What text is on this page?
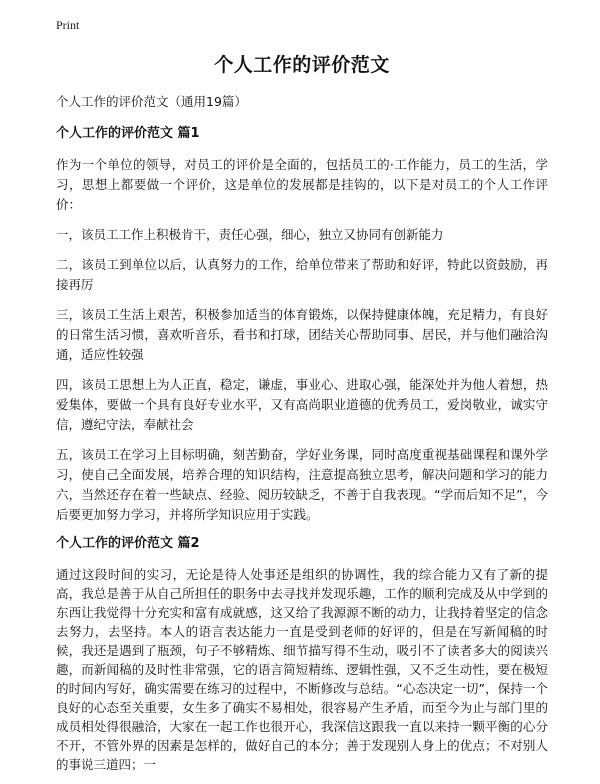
Print
个人工作的评价范文
个人工作的评价范文（通用19篇）
个人工作的评价范文 篇1

作为一个单位的领导，对员工的评价是全面的，包括员工的·工作能力，员工的生活，学习，思想上都要做一个评价，这是单位的发展都是挂钩的，以下是对员工的个人工作评价：

一，该员工工作上积极肯干，责任心强，细心，独立又协同有创新能力

二，该员工到单位以后，认真努力的工作，给单位带来了帮助和好评，特此以资鼓励，再接再厉

三，该员工生活上艰苦，积极参加适当的体育锻炼，以保持健康体魄，充足精力，有良好的日常生活习惯，喜欢听音乐，看书和打球，团结关心帮助同事、居民，并与他们融洽沟通，适应性较强

四，该员工思想上为人正直，稳定，谦虚，事业心、进取心强，能深处并为他人着想，热爱集体，要做一个具有良好专业水平，又有高尚职业道德的优秀员工，爱岗敬业，诚实守信，遵纪守法，奉献社会

五，该员工在学习上目标明确，刻苦勤奋，学好业务课，同时高度重视基础课程和课外学习，使自己全面发展，培养合理的知识结构，注意提高独立思考，解决问题和学习的能力 六，当然还存在着一些缺点、经验、阅历较缺乏，不善于自我表现。“学而后知不足”，今后要更加努力学习，并将所学知识应用于实践。

个人工作的评价范文 篇2

通过这段时间的实习，无论是待人处事还是组织的协调性，我的综合能力又有了新的提高，我总是善于从自己所担任的职务中去寻找并发现乐趣，工作的顺利完成及从中学到的东西让我觉得十分充实和富有成就感，这又给了我源源不断的动力，让我持着坚定的信念去努力，去坚持。本人的语言表达能力一直是受到老师的好评的，但是在写新闻稿的时候，我还是遇到了瓶颈，句子不够精炼、细节描写得不生动，吸引不了读者多大的阅读兴趣，而新闻稿的及时性非常强，它的语言简短精练、逻辑性强，又不乏生动性，要在极短的时间内写好，确实需要在练习的过程中，不断修改与总结。“心态决定一切”，保持一个良好的心态至关重要，女生多了确实不易相处，很容易产生矛盾，而至今为止与部门里的成员相处得很融洽，大家在一起工作也很开心，我深信这跟我一直以来持一颗平衡的心分不开，不管外界的因素是怎样的，做好自己的本分；善于发现别人身上的优点；不对别人的事说三道四；一
